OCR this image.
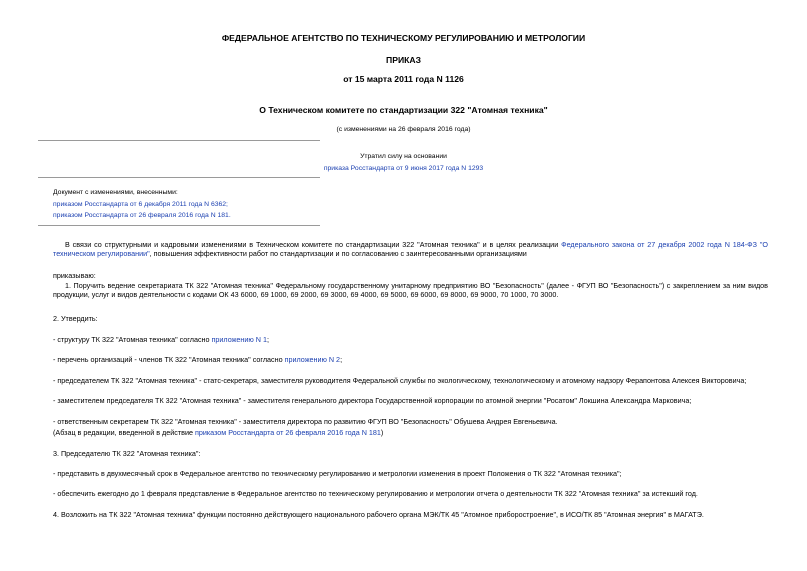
ФЕДЕРАЛЬНОЕ АГЕНТСТВО ПО ТЕХНИЧЕСКОМУ РЕГУЛИРОВАНИЮ И МЕТРОЛОГИИ
ПРИКАЗ
от 15 марта 2011 года N 1126
О Техническом комитете по стандартизации 322 "Атомная техника"
(с изменениями на 26 февраля 2016 года)
Утратил силу на основании
приказа Росстандарта от 9 июня 2017 года N 1293
Документ с изменениями, внесенными:
приказом Росстандарта от 6 декабря 2011 года N 6362;
приказом Росстандарта от 26 февраля 2016 года N 181.
В связи со структурными и кадровыми изменениями в Техническом комитете по стандартизации 322 "Атомная техника" и в целях реализации Федерального закона от 27 декабря 2002 года N 184-ФЗ "О техническом регулировании", повышения эффективности работ по стандартизации и по согласованию с заинтересованными организациями
приказываю:
1. Поручить ведение секретариата ТК 322 "Атомная техника" Федеральному государственному унитарному предприятию ВО "Безопасность" (далее - ФГУП ВО "Безопасность") с закреплением за ним видов продукции, услуг и видов деятельности с кодами ОК 43 6000, 69 1000, 69 2000, 69 3000, 69 4000, 69 5000, 69 6000, 69 8000, 69 9000, 70 1000, 70 3000.
2. Утвердить:
- структуру ТК 322 "Атомная техника" согласно приложению N 1;
- перечень организаций - членов ТК 322 "Атомная техника" согласно приложению N 2;
- председателем ТК 322 "Атомная техника" - статс-секретаря, заместителя руководителя Федеральной службы по экологическому, технологическому и атомному надзору Ферапонтова Алексея Викторовича;
- заместителем председателя ТК 322 "Атомная техника" - заместителя генерального директора Государственной корпорации по атомной энергии "Росатом" Локшина Александра Марковича;
- ответственным секретарем ТК 322 "Атомная техника" - заместителя директора по развитию ФГУП ВО "Безопасность" Обушева Андрея Евгеньевича.
(Абзац в редакции, введенной в действие приказом Росстандарта от 26 февраля 2016 года N 181)
3. Председателю ТК 322 "Атомная техника":
- представить в двухмесячный срок в Федеральное агентство по техническому регулированию и метрологии изменения в проект Положения о ТК 322 "Атомная техника";
- обеспечить ежегодно до 1 февраля представление в Федеральное агентство по техническому регулированию и метрологии отчета о деятельности ТК 322 "Атомная техника" за истекший год.
4. Возложить на ТК 322 "Атомная техника" функции постоянно действующего национального рабочего органа МЭК/ТК 45 "Атомное приборостроение", в ИСО/ТК 85 "Атомная энергия" в МАГАТЭ.
